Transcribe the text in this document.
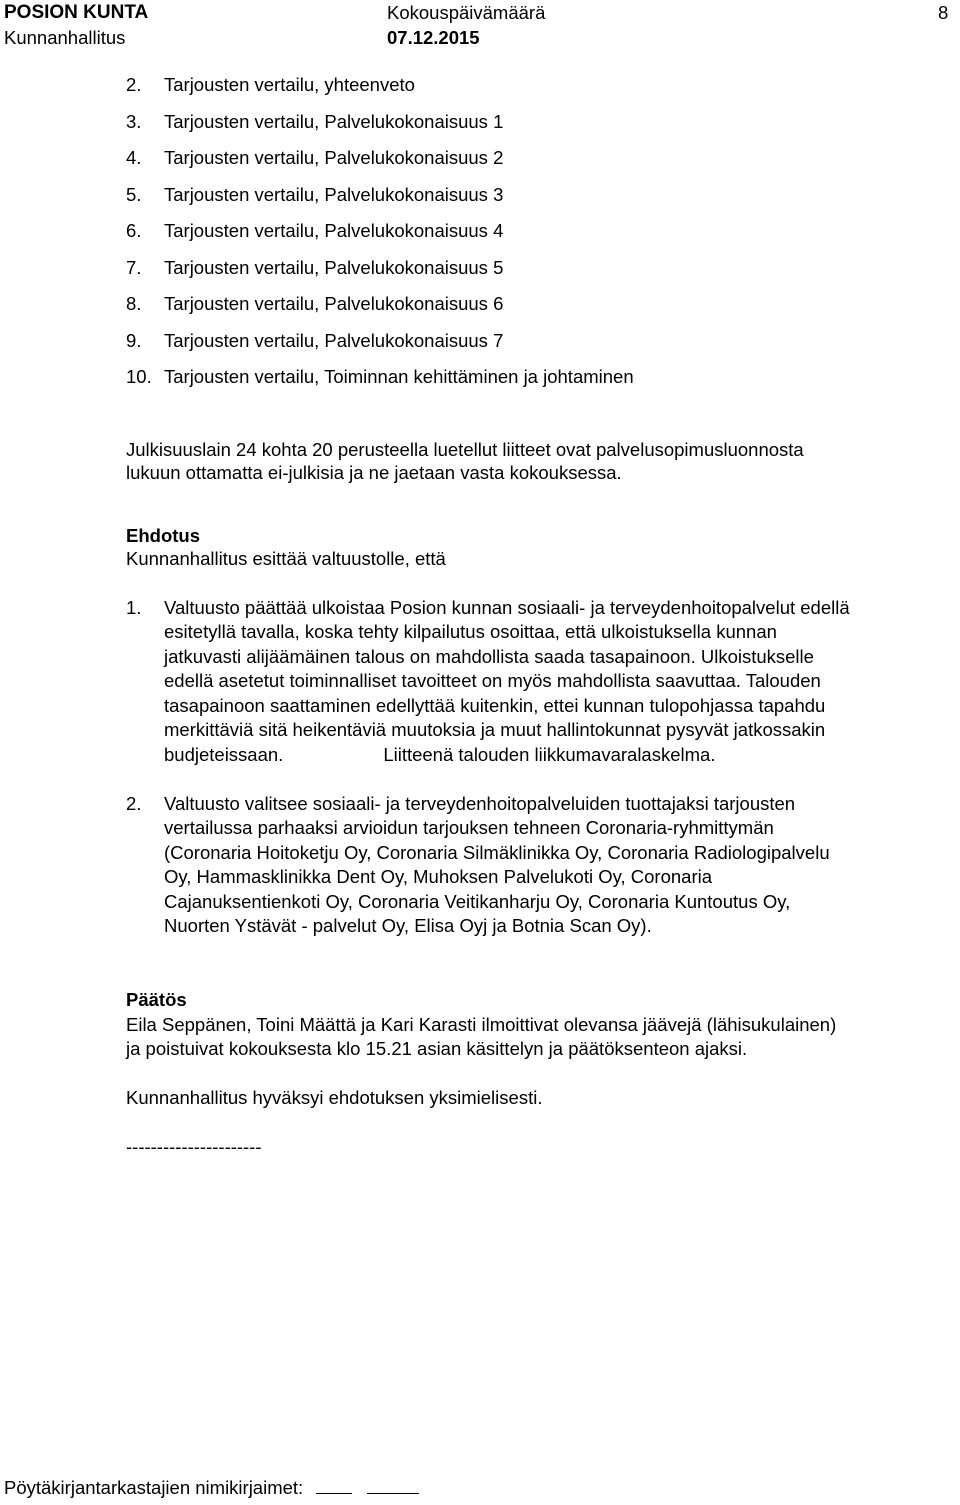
POSION KUNTA
Kunnanhallitus
Kokouspäivämäärä
07.12.2015
8
2. Tarjousten vertailu, yhteenveto
3. Tarjousten vertailu, Palvelukokonaisuus 1
4. Tarjousten vertailu, Palvelukokonaisuus 2
5. Tarjousten vertailu, Palvelukokonaisuus 3
6. Tarjousten vertailu, Palvelukokonaisuus 4
7. Tarjousten vertailu, Palvelukokonaisuus 5
8. Tarjousten vertailu, Palvelukokonaisuus 6
9. Tarjousten vertailu, Palvelukokonaisuus 7
10. Tarjousten vertailu, Toiminnan kehittäminen ja johtaminen
Julkisuuslain 24 kohta 20 perusteella luetellut liitteet ovat palvelusopimusluonnosta
lukuun ottamatta ei-julkisia ja ne jaetaan vasta kokouksessa.
Ehdotus
Kunnanhallitus esittää valtuustolle, että
1. Valtuusto päättää ulkoistaa Posion kunnan sosiaali- ja terveydenhoitopalvelut edellä
esitetyllä tavalla, koska tehty kilpailutus osoittaa, että ulkoistuksella kunnan
jatkuvasti alijäämäinen talous on mahdollista saada tasapainoon. Ulkoistukselle
edellä asetetut toiminnalliset tavoitteet on myös mahdollista saavuttaa. Talouden
tasapainoon saattaminen edellyttää kuitenkin, ettei kunnan tulopohjassa tapahdu
merkittäviä sitä heikentäviä muutoksia ja muut hallintokunnat pysyvät jatkossakin
budjeteissaan.	Liitteenä talouden liikkumavaralaskelma.
2. Valtuusto valitsee sosiaali- ja terveydenhoitopalveluiden tuottajaksi tarjousten
vertailussa parhaaksi arvioidun tarjouksen tehneen Coronaria-ryhmittymän
(Coronaria Hoitoketju Oy, Coronaria Silmäklinikka Oy, Coronaria Radiologipalvelu
Oy, Hammasklinikka Dent Oy, Muhoksen Palvelukoti Oy, Coronaria
Cajanuksentienkoti Oy, Coronaria Veitikanharju Oy, Coronaria Kuntoutus Oy,
Nuorten Ystävät - palvelut Oy, Elisa Oyj ja Botnia Scan Oy).
Päätös
Eila Seppänen, Toini Määttä ja Kari Karasti ilmoittivat olevansa jäävejä (lähisukulainen)
ja poistuivat kokouksesta klo 15.21 asian käsittelyn ja päätöksenteon ajaksi.
Kunnanhallitus hyväksyi ehdotuksen yksimielisesti.
----------------------
Pöytäkirjantarkastajien nimikirjaimet:
